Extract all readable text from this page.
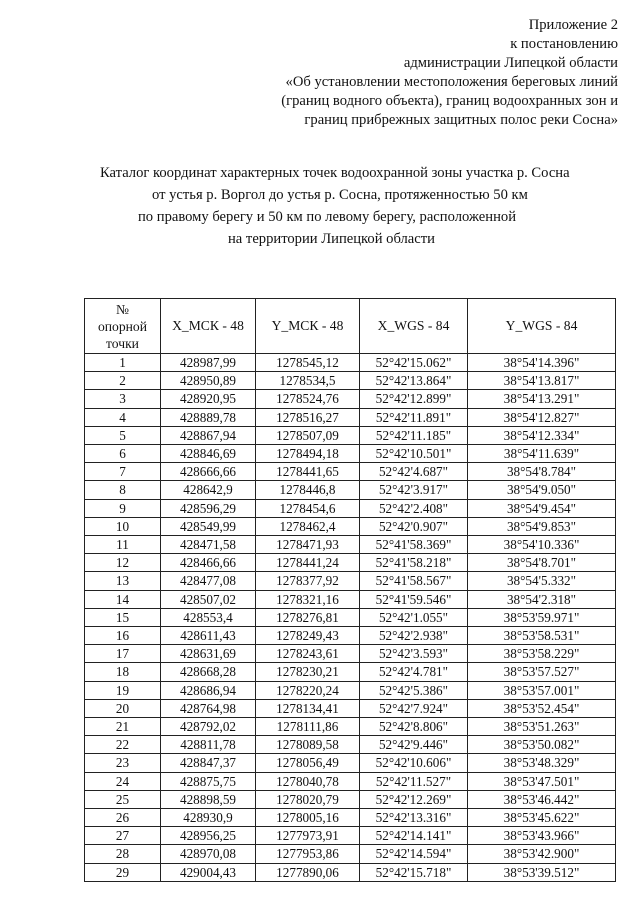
Приложение 2
к постановлению
администрации Липецкой области
«Об установлении местоположения береговых линий
(границ водного объекта), границ водоохранных зон и
границ прибрежных защитных полос реки Сосна»
Каталог координат характерных точек водоохранной зоны участка р. Сосна
от устья р. Воргол до устья р. Сосна, протяженностью 50 км
по правому берегу и 50 км по левому берегу, расположенной
на территории Липецкой области
№
опорной
точки	X_МСК - 48	Y_МСК - 48	X_WGS - 84	Y_WGS - 84
1	428987,99	1278545,12	52°42'15.062"	38°54'14.396"
2	428950,89	1278534,5	52°42'13.864"	38°54'13.817"
3	428920,95	1278524,76	52°42'12.899"	38°54'13.291"
4	428889,78	1278516,27	52°42'11.891"	38°54'12.827"
5	428867,94	1278507,09	52°42'11.185"	38°54'12.334"
6	428846,69	1278494,18	52°42'10.501"	38°54'11.639"
7	428666,66	1278441,65	52°42'4.687"	38°54'8.784"
8	428642,9	1278446,8	52°42'3.917"	38°54'9.050"
9	428596,29	1278454,6	52°42'2.408"	38°54'9.454"
10	428549,99	1278462,4	52°42'0.907"	38°54'9.853"
11	428471,58	1278471,93	52°41'58.369"	38°54'10.336"
12	428466,66	1278441,24	52°41'58.218"	38°54'8.701"
13	428477,08	1278377,92	52°41'58.567"	38°54'5.332"
14	428507,02	1278321,16	52°41'59.546"	38°54'2.318"
15	428553,4	1278276,81	52°42'1.055"	38°53'59.971"
16	428611,43	1278249,43	52°42'2.938"	38°53'58.531"
17	428631,69	1278243,61	52°42'3.593"	38°53'58.229"
18	428668,28	1278230,21	52°42'4.781"	38°53'57.527"
19	428686,94	1278220,24	52°42'5.386"	38°53'57.001"
20	428764,98	1278134,41	52°42'7.924"	38°53'52.454"
21	428792,02	1278111,86	52°42'8.806"	38°53'51.263"
22	428811,78	1278089,58	52°42'9.446"	38°53'50.082"
23	428847,37	1278056,49	52°42'10.606"	38°53'48.329"
24	428875,75	1278040,78	52°42'11.527"	38°53'47.501"
25	428898,59	1278020,79	52°42'12.269"	38°53'46.442"
26	428930,9	1278005,16	52°42'13.316"	38°53'45.622"
27	428956,25	1277973,91	52°42'14.141"	38°53'43.966"
28	428970,08	1277953,86	52°42'14.594"	38°53'42.900"
29	429004,43	1277890,06	52°42'15.718"	38°53'39.512"
